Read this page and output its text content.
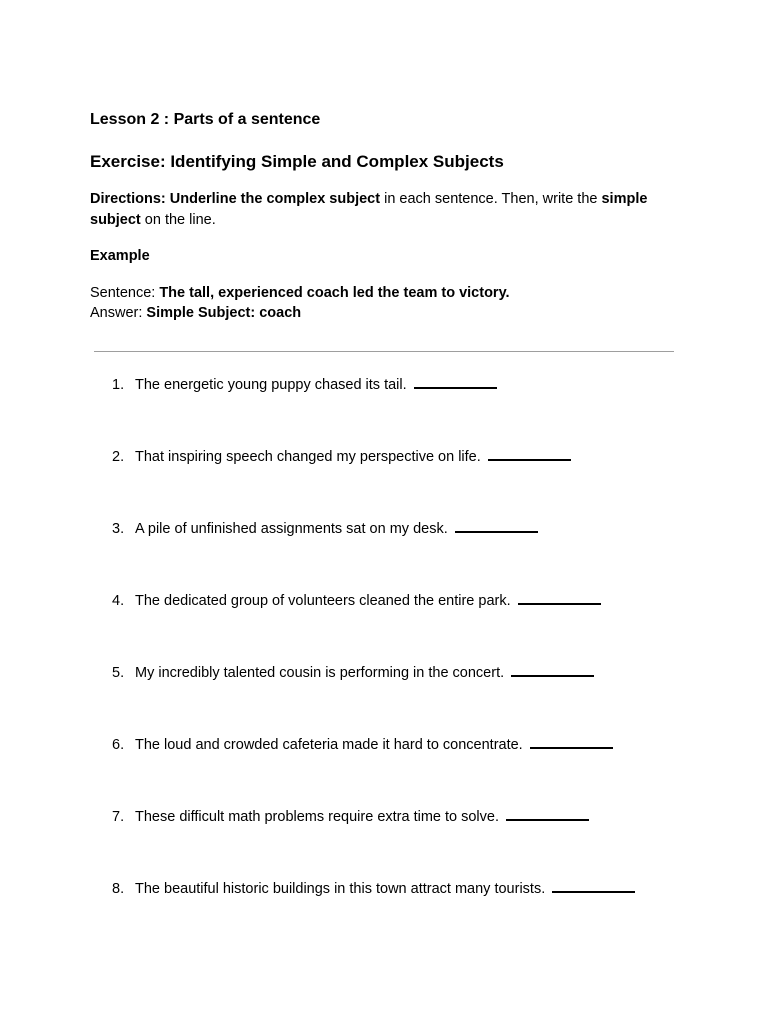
Lesson 2 : Parts of a sentence
Exercise: Identifying Simple and Complex Subjects
Directions: Underline the complex subject in each sentence. Then, write the simple subject on the line.
Example
Sentence: The tall, experienced coach led the team to victory.
Answer: Simple Subject: coach
1. The energetic young puppy chased its tail.
2. That inspiring speech changed my perspective on life.
3. A pile of unfinished assignments sat on my desk.
4. The dedicated group of volunteers cleaned the entire park.
5. My incredibly talented cousin is performing in the concert.
6. The loud and crowded cafeteria made it hard to concentrate.
7. These difficult math problems require extra time to solve.
8. The beautiful historic buildings in this town attract many tourists.
